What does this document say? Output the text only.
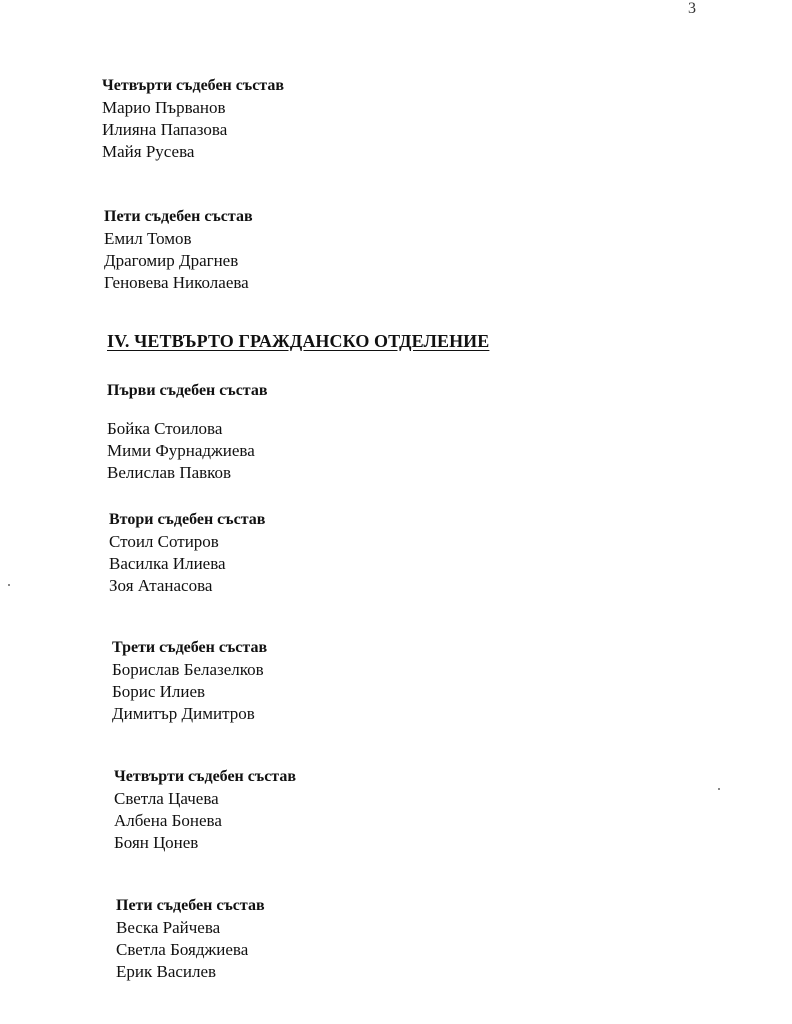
3

Четвърти съдебен състав

Марио Първанов

Илияна Папазова

Майя Русева

Пети съдебен състав

Емил Томов

Драгомир Драгнев

Геновева Николаева

IV. ЧЕТВЪРТО ГРАЖДАНСКО ОТДЕЛЕНИЕ

Първи съдебен състав

Бойка Стоилова

Мими Фурнаджиева

Велислав Павков

Втори съдебен състав

Стоил Сотиров

Василка Илиева

Зоя Атанасова

Трети съдебен състав

Борислав Белазелков

Борис Илиев

Димитър Димитров

Четвърти съдебен състав

Светла Цачева

Албена Бонева

Боян Цонев

Пети съдебен състав

Веска Райчева

Светла Бояджиева

Ерик Василев
